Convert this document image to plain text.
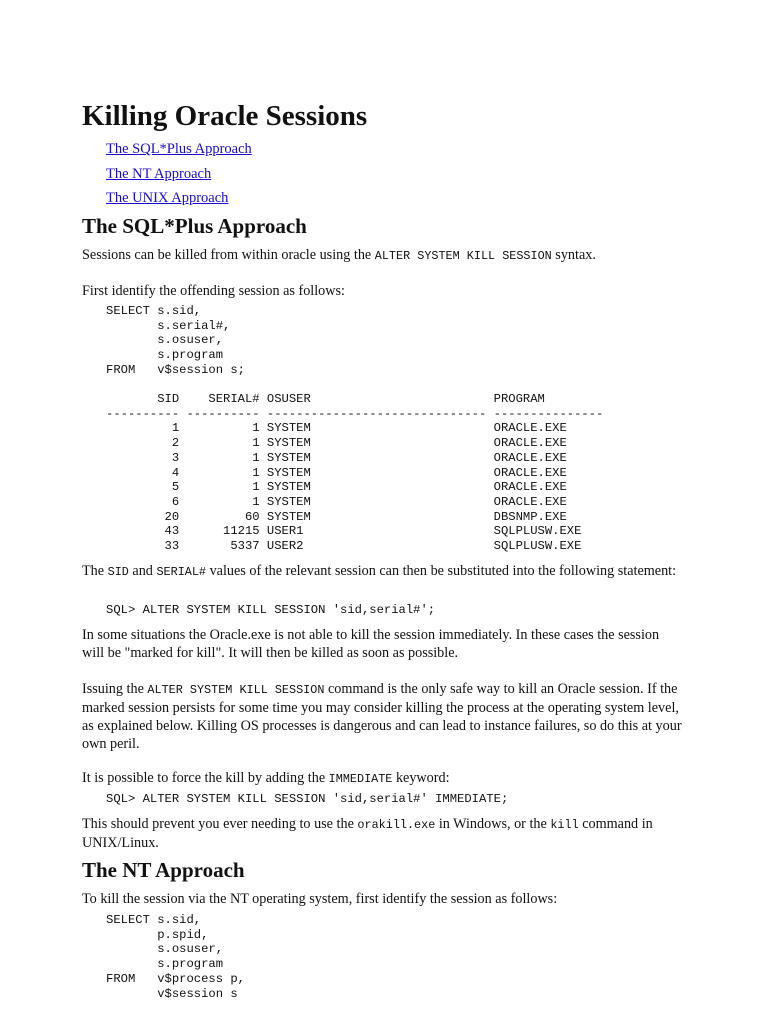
Killing Oracle Sessions
The SQL*Plus Approach
The NT Approach
The UNIX Approach
The SQL*Plus Approach

Sessions can be killed from within oracle using the ALTER SYSTEM KILL SESSION syntax.

First identify the offending session as follows:

SELECT s.sid,
s.serial#,
s.osuser,
s.program
FROM   v$session s;
SID    SERIAL# OSUSER                         PROGRAM
---------- ---------- ------------------------------ ---------------
1          1 SYSTEM                         ORACLE.EXE
2          1 SYSTEM                         ORACLE.EXE
3          1 SYSTEM                         ORACLE.EXE
4          1 SYSTEM                         ORACLE.EXE
5          1 SYSTEM                         ORACLE.EXE
6          1 SYSTEM                         ORACLE.EXE
20         60 SYSTEM                         DBSNMP.EXE
43      11215 USER1                          SQLPLUSW.EXE
33       5337 USER2                          SQLPLUSW.EXE

The SID and SERIAL# values of the relevant session can then be substituted into the following statement:

SQL> ALTER SYSTEM KILL SESSION 'sid,serial#';

In some situations the Oracle.exe is not able to kill the session immediately. In these cases the session will be "marked for kill". It will then be killed as soon as possible.

Issuing the ALTER SYSTEM KILL SESSION command is the only safe way to kill an Oracle session. If the marked session persists for some time you may consider killing the process at the operating system level, as explained below. Killing OS processes is dangerous and can lead to instance failures, so do this at your own peril.

It is possible to force the kill by adding the IMMEDIATE keyword:

SQL> ALTER SYSTEM KILL SESSION 'sid,serial#' IMMEDIATE;

This should prevent you ever needing to use the orakill.exe in Windows, or the kill command in UNIX/Linux.

The NT Approach

To kill the session via the NT operating system, first identify the session as follows:

SELECT s.sid,
p.spid,
s.osuser,
s.program
FROM   v$process p,
v$session s
